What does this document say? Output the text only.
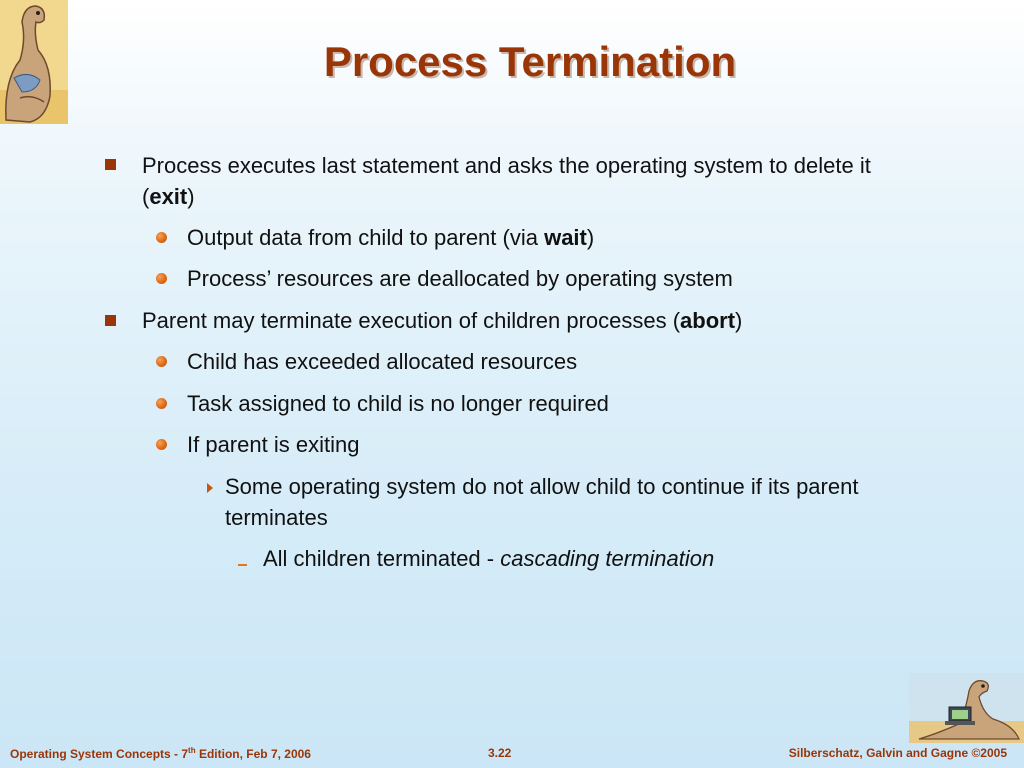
Process Termination
Process executes last statement and asks the operating system to delete it (exit)
Output data from child to parent (via wait)
Process’ resources are deallocated by operating system
Parent may terminate execution of children processes (abort)
Child has exceeded allocated resources
Task assigned to child is no longer required
If parent is exiting
Some operating system do not allow child to continue if its parent terminates
All children terminated - cascading termination
Operating System Concepts - 7th Edition, Feb 7, 2006	3.22	Silberschatz, Galvin and Gagne ©2005
